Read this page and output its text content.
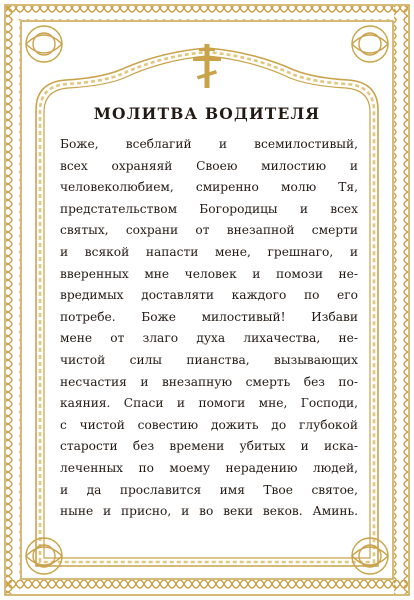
МОЛИТВА ВОДИТЕЛЯ
Боже, всеблагий и всемилостивый,
всех охраняяй Своею милостию и
человеколюбием, смиренно молю Тя,
предстательством Богородицы и всех
святых, сохрани от внезапной смерти
и всякой напасти мене, грешнаго, и
вверенных мне человек и помози не-
вредимых доставляти каждого по его
потребе. Боже милостивый! Избави
мене от злаго духа лихачества, не-
чистой силы пианства, вызывающих
несчастия и внезапную смерть без по-
каяния. Спаси и помоги мне, Господи,
с чистой совестию дожить до глубокой
старости без времени убитых и иска-
леченных по моему нерадению людей,
и да прославится имя Твое святое,
ныне и присно, и во веки веков. Аминь.
